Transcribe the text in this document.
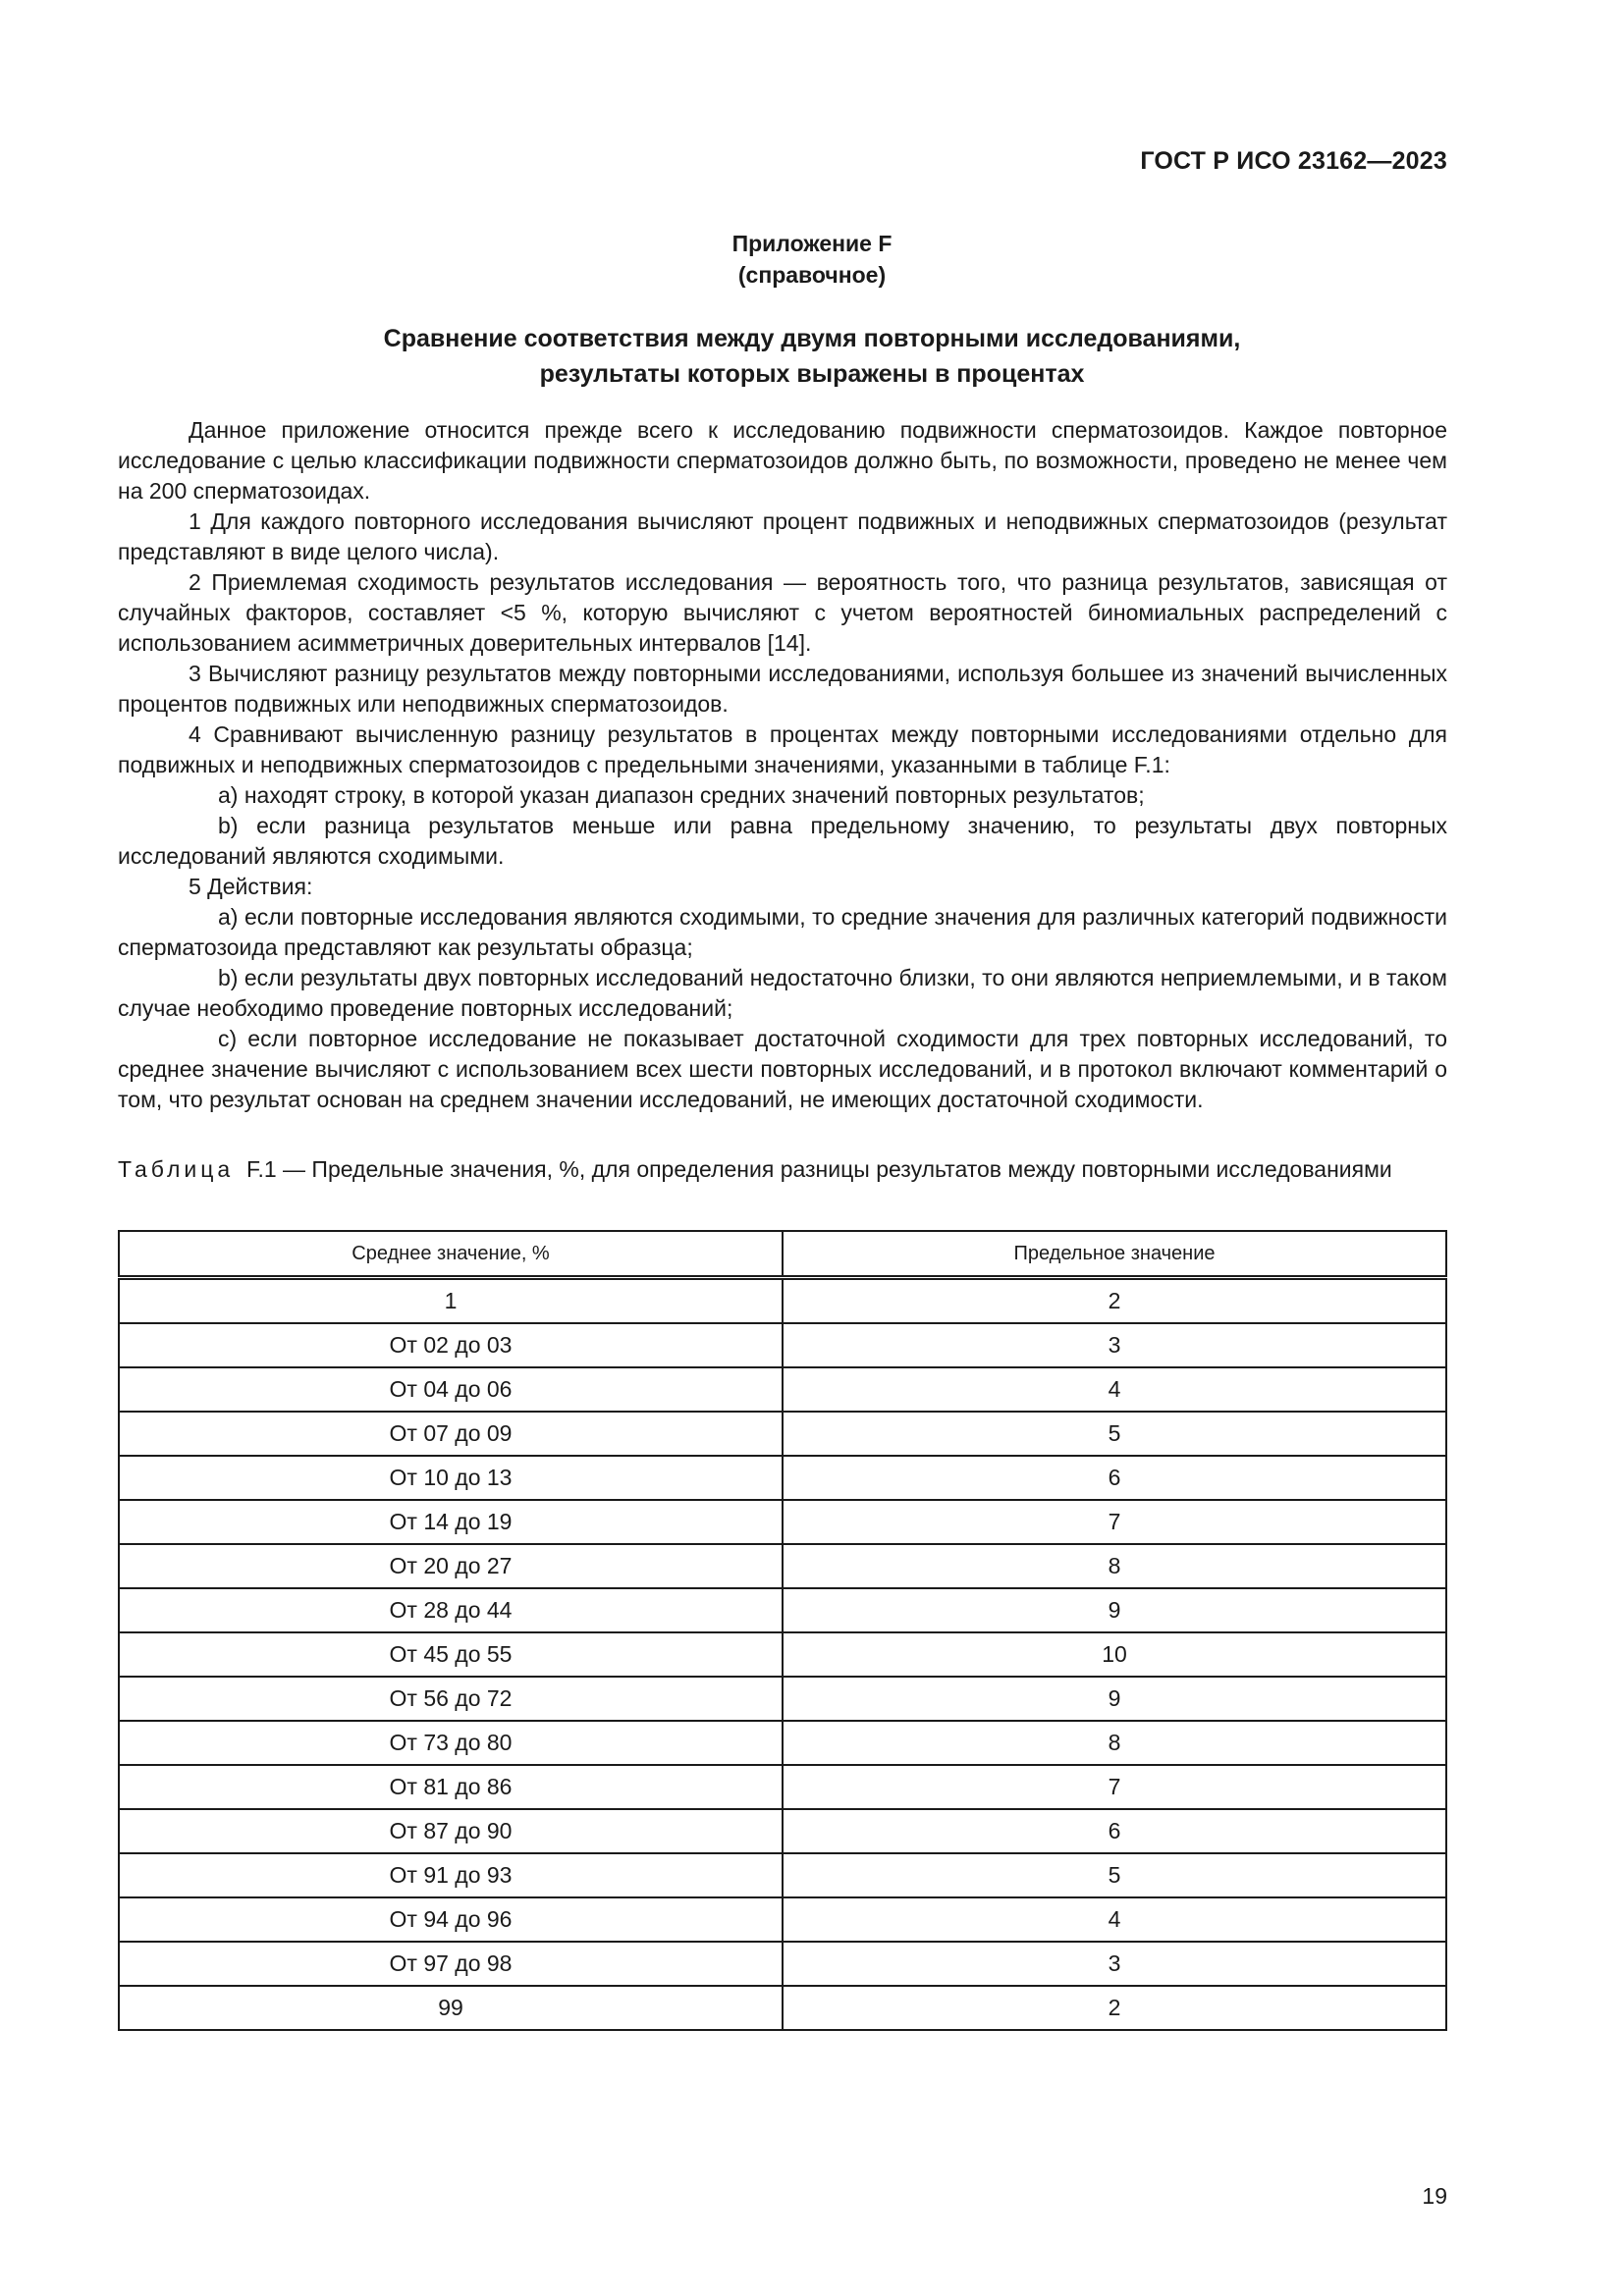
ГОСТ Р ИСО 23162—2023
Приложение F
(справочное)
Сравнение соответствия между двумя повторными исследованиями,
результаты которых выражены в процентах

Данное приложение относится прежде всего к исследованию подвижности сперматозоидов. Каждое повторное исследование с целью классификации подвижности сперматозоидов должно быть, по возможности, проведено не менее чем на 200 сперматозоидах.

1 Для каждого повторного исследования вычисляют процент подвижных и неподвижных сперматозоидов (результат представляют в виде целого числа).

2 Приемлемая сходимость результатов исследования — вероятность того, что разница результатов, зависящая от случайных факторов, составляет <5 %, которую вычисляют с учетом вероятностей биномиальных распределений с использованием асимметричных доверительных интервалов [14].

3 Вычисляют разницу результатов между повторными исследованиями, используя большее из значений вычисленных процентов подвижных или неподвижных сперматозоидов.

4 Сравнивают вычисленную разницу результатов в процентах между повторными исследованиями отдельно для подвижных и неподвижных сперматозоидов с предельными значениями, указанными в таблице F.1:

а) находят строку, в которой указан диапазон средних значений повторных результатов;

b) если разница результатов меньше или равна предельному значению, то результаты двух повторных исследований являются сходимыми.

5 Действия:

а) если повторные исследования являются сходимыми, то средние значения для различных категорий подвижности сперматозоида представляют как результаты образца;

b) если результаты двух повторных исследований недостаточно близки, то они являются неприемлемыми, и в таком случае необходимо проведение повторных исследований;

с) если повторное исследование не показывает достаточной сходимости для трех повторных исследований, то среднее значение вычисляют с использованием всех шести повторных исследований, и в протокол включают комментарий о том, что результат основан на среднем значении исследований, не имеющих достаточной сходимости.

Таблица F.1 — Предельные значения, %, для определения разницы результатов между повторными исследованиями
Среднее значение, %	Предельное значение
1	2
От 02 до 03	3
От 04 до 06	4
От 07 до 09	5
От 10 до 13	6
От 14 до 19	7
От 20 до 27	8
От 28 до 44	9
От 45 до 55	10
От 56 до 72	9
От 73 до 80	8
От 81 до 86	7
От 87 до 90	6
От 91 до 93	5
От 94 до 96	4
От 97 до 98	3
99	2
19
